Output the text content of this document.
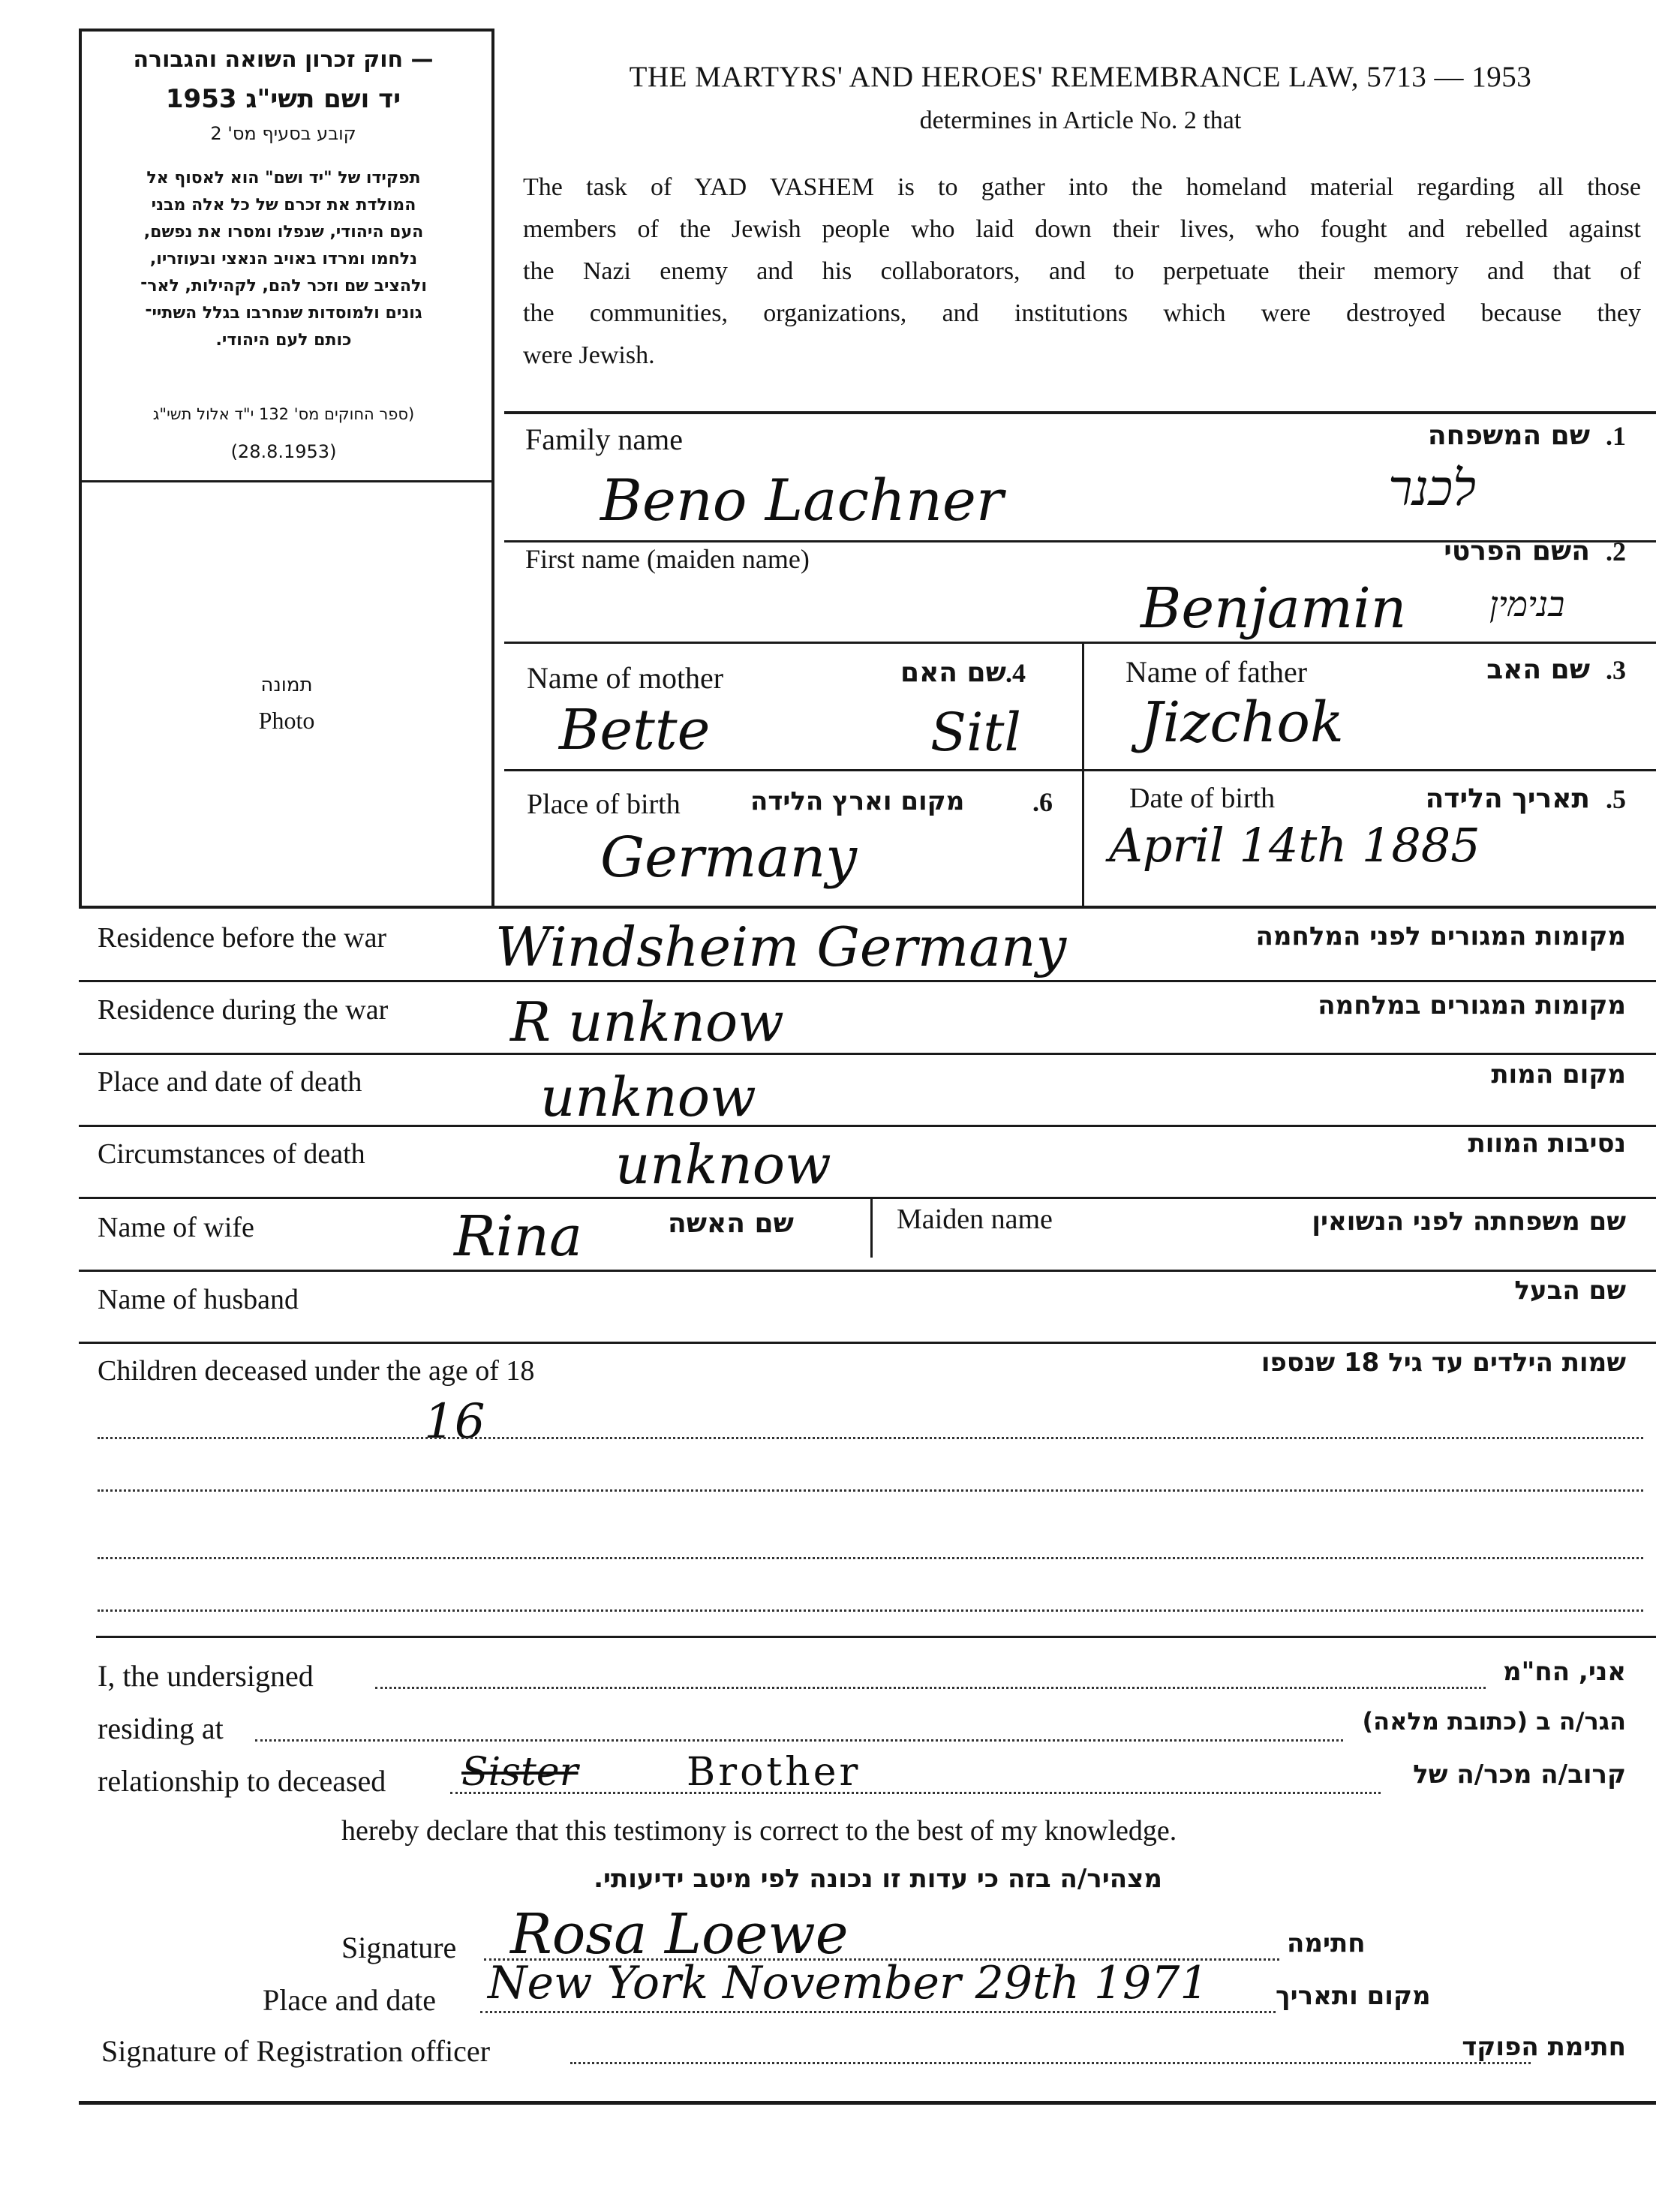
— חוק זכרון השואה והגבורה
יד ושם תשי"ג 1953
קובע בסעיף מס' 2
תפקידו של "יד ושם" הוא לאסוף אל
המולדת את זכרם של כל אלה מבני
העם היהודי, שנפלו ומסרו את נפשם,
נלחמו ומרדו באויב הנאצי ובעוזריו,
ולהציב שם וזכר להם, לקהילות, לאר־
גונים ולמוסדות שנחרבו בגלל השתיי־
כותם לעם היהודי.
(ספר החוקים מס' 132 י"ד אלול תשי"ג
(28.8.1953)
תמונה
Photo
THE MARTYRS' AND HEROES' REMEMBRANCE LAW, 5713 — 1953
determines in Article No. 2 that
The task of YAD VASHEM is to gather into the homeland material regarding all those
members of the Jewish people who laid down their lives, who fought and rebelled against
the Nazi enemy and his collaborators, and to perpetuate their memory and that of
the communities, organizations, and institutions which were destroyed because they
were Jewish.
Family name	שם המשפחה .1
Beno Lachner	לכנר
First name (maiden name)	השם הפרטי .2
Benjamin בנימין
Name of mother	שם האם .4
Bette	Sitl
Name of father	שם האב .3
Jizchok
Place of birth	מקום וארץ הלידה	.6
Germany
Date of birth	תאריך הלידה .5
April 14th 1885
Residence before the war	מקומות המגורים לפני המלחמה
Windsheim Germany
Residence during the war	מקומות המגורים במלחמה
R unknow
Place and date of death	מקום המות
unknow
Circumstances of death	נסיבות המוות
unknow
Name of wife	Rina	שם האשה	Maiden name	שם משפחתה לפני הנשואין
Name of husband	שם הבעל
Children deceased under the age of 18	שמות הילדים עד גיל 18 שנספו
16
I, the undersigned	אני, הח"מ
residing at	הגר/ה ב (כתובת מלאה)
relationship to deceased Sister	Brother	קרוב/ה מכר/ה של
hereby declare that this testimony is correct to the best of my knowledge.
מצהיר/ה בזה כי עדות זו נכונה לפי מיטב ידיעותי.
Signature Rosa Loewe	חתימה
Place and date New York November 29th 1971	מקום ותאריך
Signature of Registration officer	חתימת הפוקד
